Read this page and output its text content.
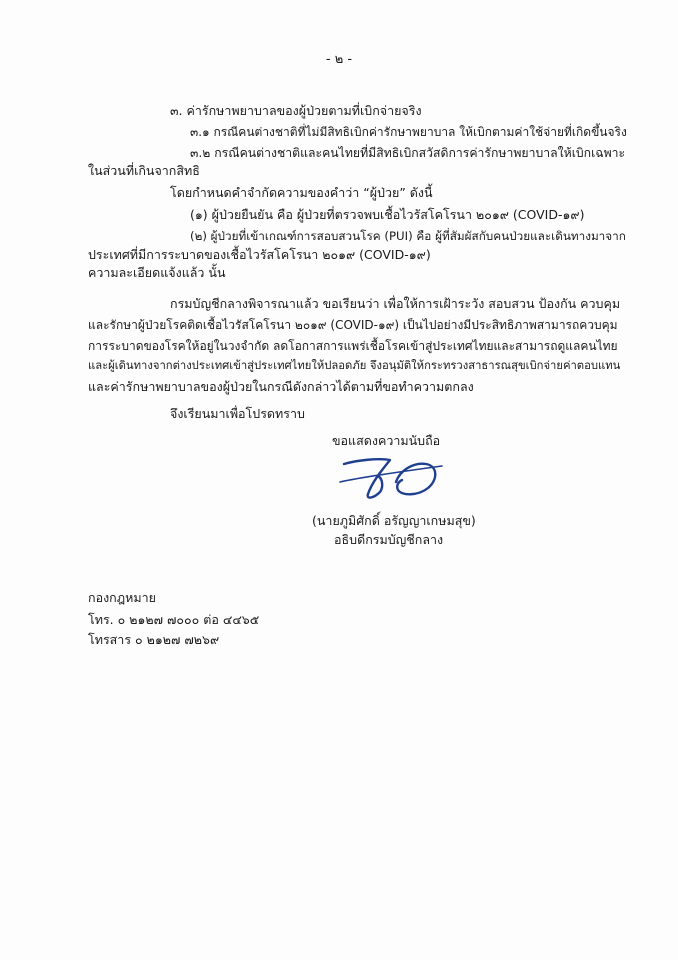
- ๒ -
๓. ค่ารักษาพยาบาลของผู้ป่วยตามที่เบิกจ่ายจริง
๓.๑ กรณีคนต่างชาติที่ไม่มีสิทธิเบิกค่ารักษาพยาบาล ให้เบิกตามค่าใช้จ่ายที่เกิดขึ้นจริง
๓.๒ กรณีคนต่างชาติและคนไทยที่มีสิทธิเบิกสวัสดิการค่ารักษาพยาบาลให้เบิกเฉพาะ
ในส่วนที่เกินจากสิทธิ
โดยกำหนดคำจำกัดความของคำว่า “ผู้ป่วย” ดังนี้
(๑) ผู้ป่วยยืนยัน คือ ผู้ป่วยที่ตรวจพบเชื้อไวรัสโคโรนา ๒๐๑๙ (COVID-๑๙)
(๒) ผู้ป่วยที่เข้าเกณฑ์การสอบสวนโรค (PUI) คือ ผู้ที่สัมผัสกับคนป่วยและเดินทางมาจาก
ประเทศที่มีการระบาดของเชื้อไวรัสโคโรนา ๒๐๑๙ (COVID-๑๙)
ความละเอียดแจ้งแล้ว นั้น
กรมบัญชีกลางพิจารณาแล้ว ขอเรียนว่า เพื่อให้การเฝ้าระวัง สอบสวน ป้องกัน ควบคุม
และรักษาผู้ป่วยโรคติดเชื้อไวรัสโคโรนา ๒๐๑๙ (COVID-๑๙) เป็นไปอย่างมีประสิทธิภาพสามารถควบคุม
การระบาดของโรคให้อยู่ในวงจำกัด ลดโอกาสการแพร่เชื้อโรคเข้าสู่ประเทศไทยและสามารถดูแลคนไทย
และผู้เดินทางจากต่างประเทศเข้าสู่ประเทศไทยให้ปลอดภัย จึงอนุมัติให้กระทรวงสาธารณสุขเบิกจ่ายค่าตอบแทน
และค่ารักษาพยาบาลของผู้ป่วยในกรณีดังกล่าวได้ตามที่ขอทำความตกลง
จึงเรียนมาเพื่อโปรดทราบ
ขอแสดงความนับถือ
(นายภูมิศักดิ์ อรัญญาเกษมสุข)
อธิบดีกรมบัญชีกลาง
กองกฎหมาย
โทร. ๐ ๒๑๒๗ ๗๐๐๐ ต่อ ๔๔๖๕
โทรสาร ๐ ๒๑๒๗ ๗๒๖๙
